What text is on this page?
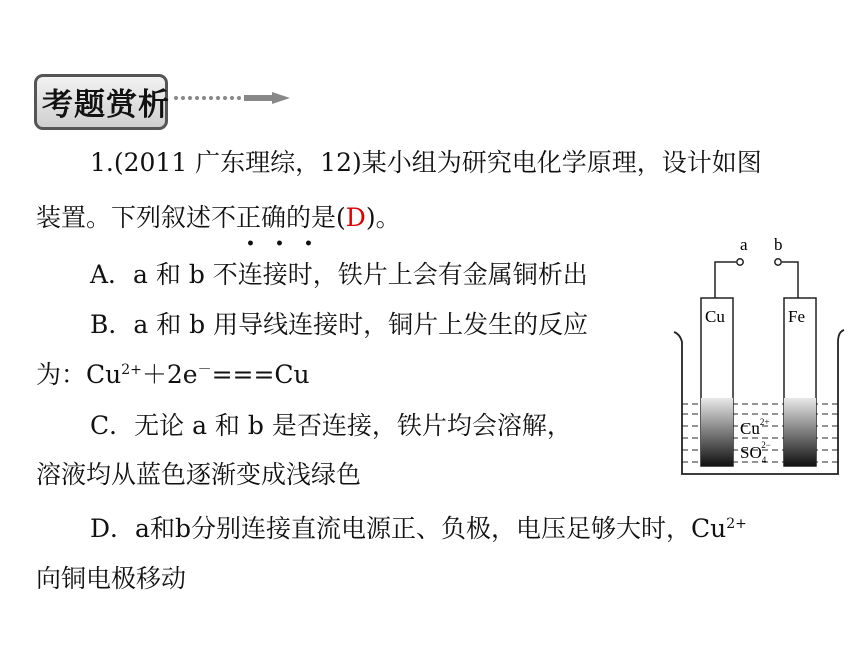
考题赏析
1.(2011 广东理综，12)某小组为研究电化学原理，设计如图
装置。下列叙述不正确的是(D)。
• • •
A．a 和 b 不连接时，铁片上会有金属铜析出
B．a 和 b 用导线连接时，铜片上发生的反应
为：$Cu^{2+}+2e^-===Cu$
C．无论 a 和 b 是否连接，铁片均会溶解，
溶液均从蓝色逐渐变成浅绿色
D．a和b分别连接直流电源正、负极，电压足够大时，$Cu^{2+}$
向铜电极移动
a b
Cu	Fe
$Cu^{2+}$
$SO_42-$
